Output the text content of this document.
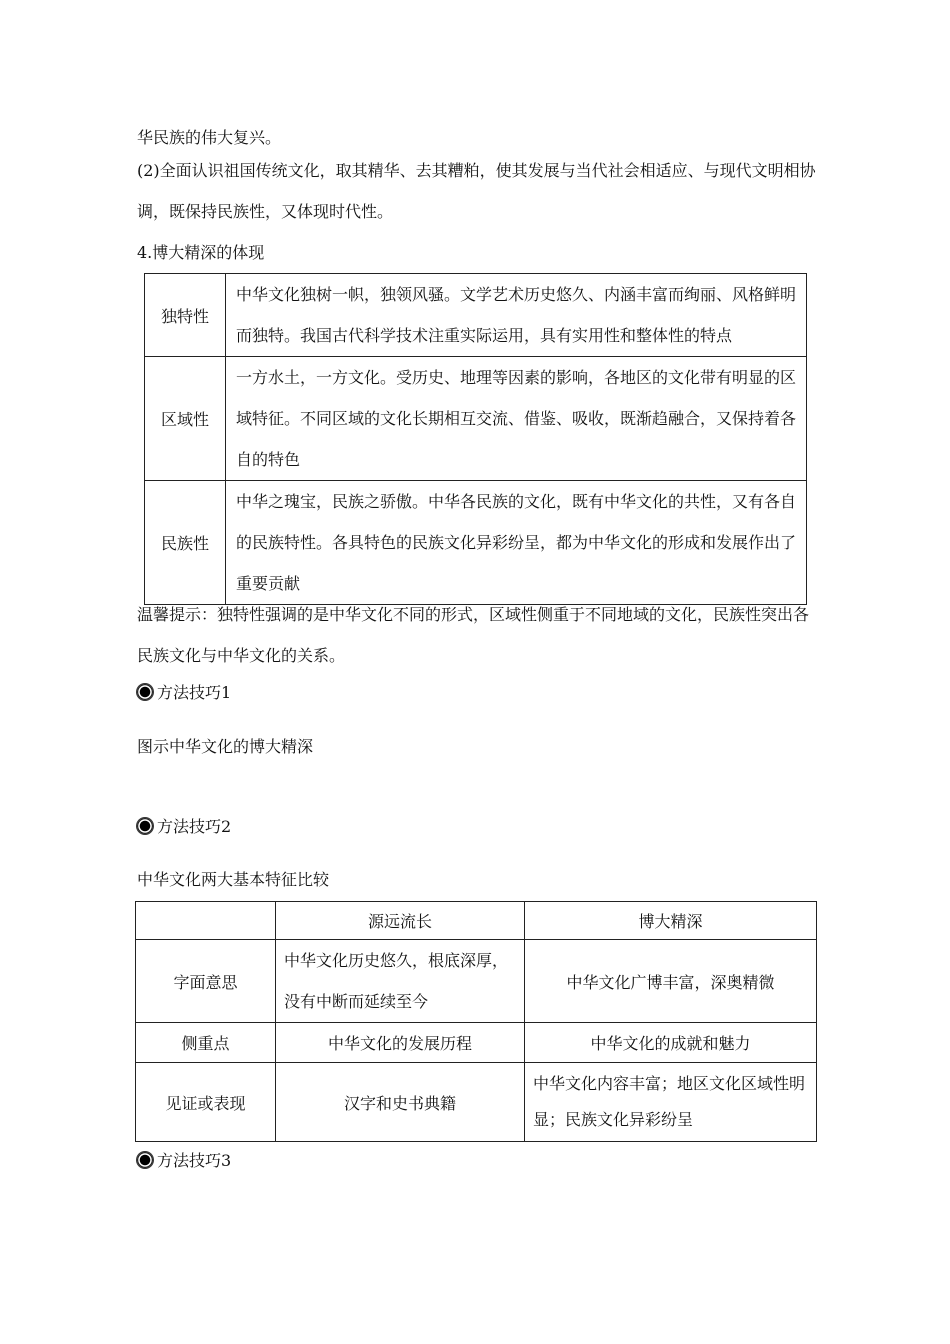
华民族的伟大复兴。
(2)全面认识祖国传统文化，取其精华、去其糟粕，使其发展与当代社会相适应、与现代文明相协调，既保持民族性，又体现时代性。
4.博大精深的体现
独特性	中华文化独树一帜，独领风骚。文学艺术历史悠久、内涵丰富而绚丽、风格鲜明而独特。我国古代科学技术注重实际运用，具有实用性和整体性的特点
区域性	一方水土，一方文化。受历史、地理等因素的影响，各地区的文化带有明显的区域特征。不同区域的文化长期相互交流、借鉴、吸收，既渐趋融合，又保持着各自的特色
民族性	中华之瑰宝，民族之骄傲。中华各民族的文化，既有中华文化的共性，又有各自的民族特性。各具特色的民族文化异彩纷呈，都为中华文化的形成和发展作出了重要贡献
温馨提示：独特性强调的是中华文化不同的形式，区域性侧重于不同地域的文化，民族性突出各民族文化与中华文化的关系。
方法技巧1
图示中华文化的博大精深
方法技巧2
中华文化两大基本特征比较
	源远流长	博大精深
字面意思	中华文化历史悠久，根底深厚，没有中断而延续至今	中华文化广博丰富，深奥精微
侧重点	中华文化的发展历程	中华文化的成就和魅力
见证或表现	汉字和史书典籍	中华文化内容丰富；地区文化区域性明显；民族文化异彩纷呈
方法技巧3
